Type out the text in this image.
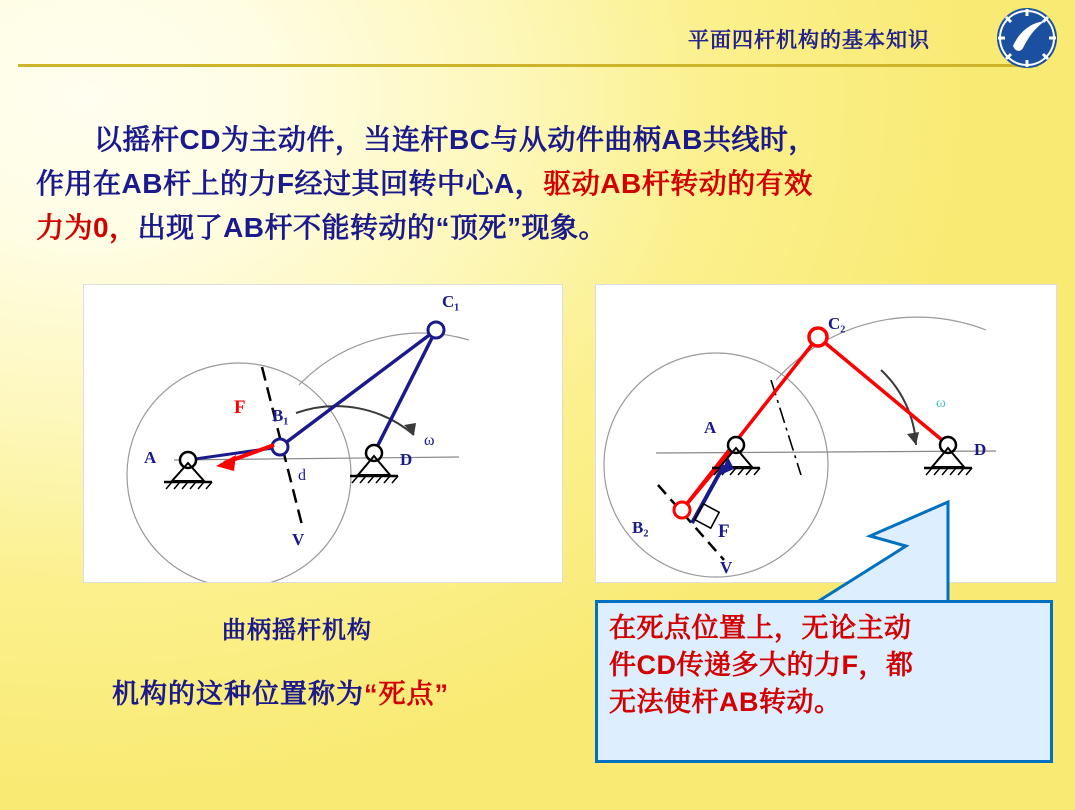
平面四杆机构的基本知识
以摇杆CD为主动件，当连杆BC与从动件曲柄AB共线时，
作用在AB杆上的力F经过其回转中心A，驱动AB杆转动的有效
力为0，出现了AB杆不能转动的“顶死”现象。
C₁
B₁
A	D
F
d
V
ω
C₂
B₂
A
D
F
V
ω
曲柄摇杆机构
机构的这种位置称为“死点”
在死点位置上，无论主动
件CD传递多大的力F，都
无法使杆AB转动。
